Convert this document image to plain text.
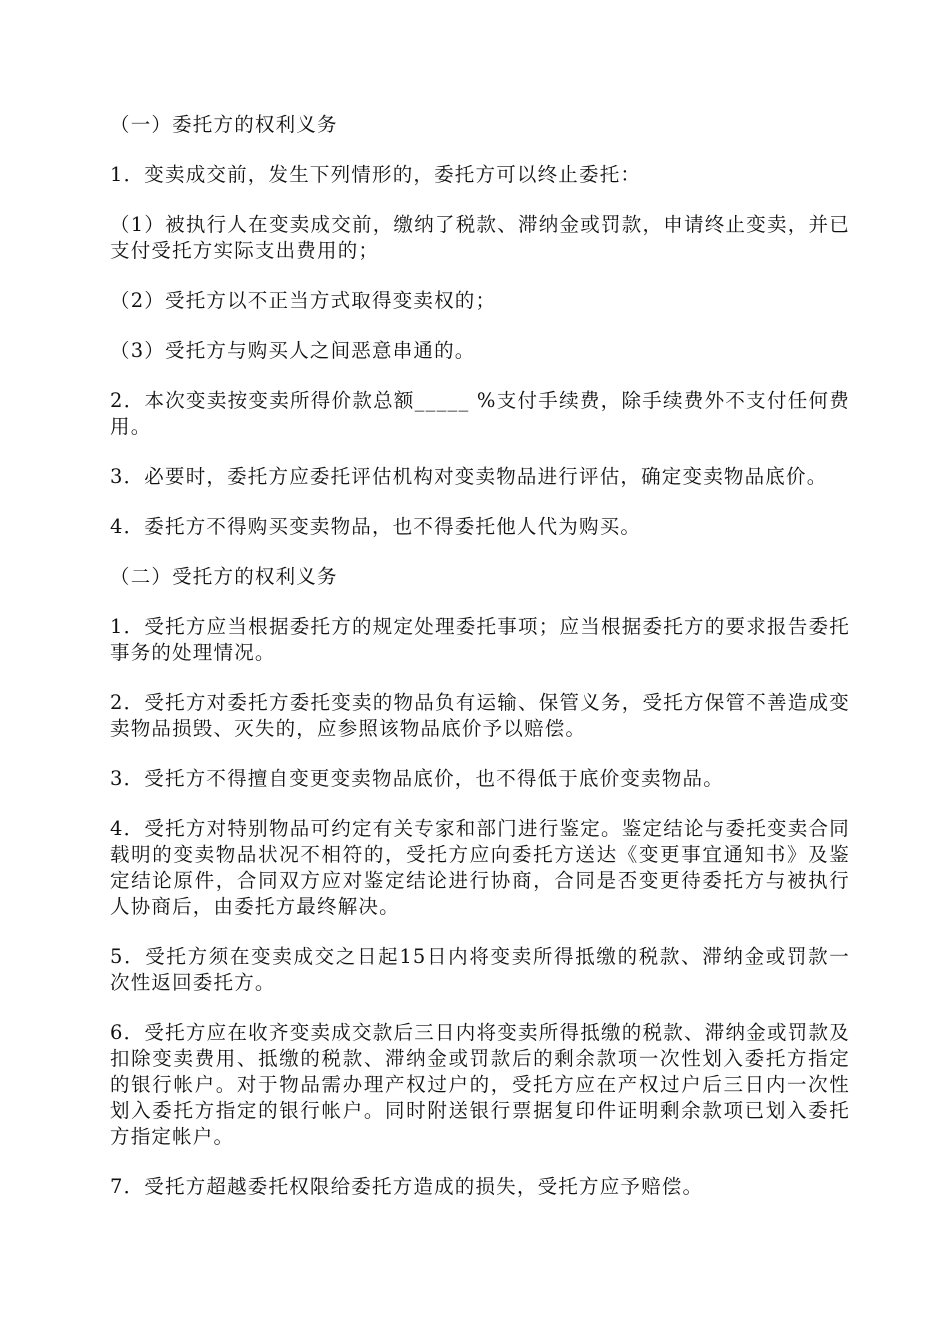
（一）委托方的权利义务

1．变卖成交前，发生下列情形的，委托方可以终止委托：

（1）被执行人在变卖成交前，缴纳了税款、滞纳金或罚款，申请终止变卖，并已支付受托方实际支出费用的；

（2）受托方以不正当方式取得变卖权的；

（3）受托方与购买人之间恶意串通的。

2．本次变卖按变卖所得价款总额_____ %支付手续费，除手续费外不支付任何费用。

3．必要时，委托方应委托评估机构对变卖物品进行评估，确定变卖物品底价。

4．委托方不得购买变卖物品，也不得委托他人代为购买。

（二）受托方的权利义务

1．受托方应当根据委托方的规定处理委托事项；应当根据委托方的要求报告委托事务的处理情况。

2．受托方对委托方委托变卖的物品负有运输、保管义务，受托方保管不善造成变卖物品损毁、灭失的，应参照该物品底价予以赔偿。

3．受托方不得擅自变更变卖物品底价，也不得低于底价变卖物品。

4．受托方对特别物品可约定有关专家和部门进行鉴定。鉴定结论与委托变卖合同载明的变卖物品状况不相符的，受托方应向委托方送达《变更事宜通知书》及鉴定结论原件，合同双方应对鉴定结论进行协商，合同是否变更待委托方与被执行人协商后，由委托方最终解决。

5．受托方须在变卖成交之日起15日内将变卖所得抵缴的税款、滞纳金或罚款一次性返回委托方。

6．受托方应在收齐变卖成交款后三日内将变卖所得抵缴的税款、滞纳金或罚款及扣除变卖费用、抵缴的税款、滞纳金或罚款后的剩余款项一次性划入委托方指定的银行帐户。对于物品需办理产权过户的，受托方应在产权过户后三日内一次性划入委托方指定的银行帐户。同时附送银行票据复印件证明剩余款项已划入委托方指定帐户。

7．受托方超越委托权限给委托方造成的损失，受托方应予赔偿。
